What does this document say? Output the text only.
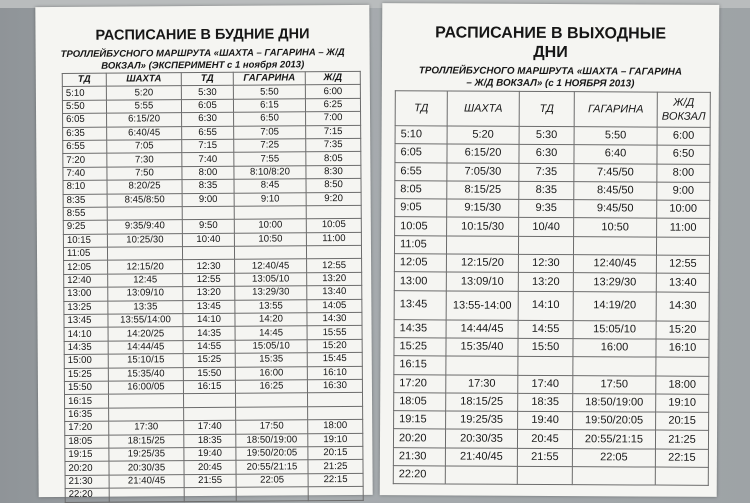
РАСПИСАНИЕ В БУДНИЕ ДНИ
ТРОЛЛЕЙБУСНОГО МАРШРУТА «ШАХТА – ГАГАРИНА – Ж/Д
ВОКЗАЛ» (ЭКСПЕРИМЕНТ с 1 ноября 2013)
ТД	ШАХТА	ТД	ГАГАРИНА	Ж/Д
5:10	5:20	5:30	5:50	6:00
5:50	5:55	6:05	6:15	6:25
6:05	6:15/20	6:30	6:50	7:00
6:35	6:40/45	6:55	7:05	7:15
6:55	7:05	7:15	7:25	7:35
7:20	7:30	7:40	7:55	8:05
7:40	7:50	8:00	8:10/8:20	8:30
8:10	8:20/25	8:35	8:45	8:50
8:35	8:45/8:50	9:00	9:10	9:20
8:55				
9:25	9:35/9:40	9:50	10:00	10:05
10:15	10:25/30	10:40	10:50	11:00
11:05				
12:05	12:15/20	12:30	12:40/45	12:55
12:40	12:45	12:55	13:05/10	13:20
13:00	13:09/10	13:20	13:29/30	13:40
13:25	13:35	13:45	13:55	14:05
13:45	13:55/14:00	14:10	14:20	14:30
14:10	14:20/25	14:35	14:45	15:55
14:35	14:44/45	14:55	15:05/10	15:20
15:00	15:10/15	15:25	15:35	15:45
15:25	15:35/40	15:50	16:00	16:10
15:50	16:00/05	16:15	16:25	16:30
16:15				
16:35				
17:20	17:30	17:40	17:50	18:00
18:05	18:15/25	18:35	18:50/19:00	19:10
19:15	19:25/35	19:40	19:50/20:05	20:15
20:20	20:30/35	20:45	20:55/21:15	21:25
21:30	21:40/45	21:55	22:05	22:15
22:20				
РАСПИСАНИЕ В ВЫХОДНЫЕ
ДНИ
ТРОЛЛЕЙБУСНОГО МАРШРУТА «ШАХТА – ГАГАРИНА
– Ж/Д ВОКЗАЛ» (с 1 НОЯБРЯ 2013)
ТД	ШАХТА	ТД	ГАГАРИНА	Ж/Д ВОКЗАЛ
5:10	5:20	5:30	5:50	6:00
6:05	6:15/20	6:30	6:40	6:50
6:55	7:05/30	7:35	7:45/50	8:00
8:05	8:15/25	8:35	8:45/50	9:00
9:05	9:15/30	9:35	9:45/50	10:00
10:05	10:15/30	10/40	10:50	11:00
11:05				
12:05	12:15/20	12:30	12:40/45	12:55
13:00	13:09/10	13:20	13:29/30	13:40
13:45	13:55-14:00	14:10	14:19/20	14:30
14:35	14:44/45	14:55	15:05/10	15:20
15:25	15:35/40	15:50	16:00	16:10
16:15				
17:20	17:30	17:40	17:50	18:00
18:05	18:15/25	18:35	18:50/19:00	19:10
19:15	19:25/35	19:40	19:50/20:05	20:15
20:20	20:30/35	20:45	20:55/21:15	21:25
21:30	21:40/45	21:55	22:05	22:15
22:20				
